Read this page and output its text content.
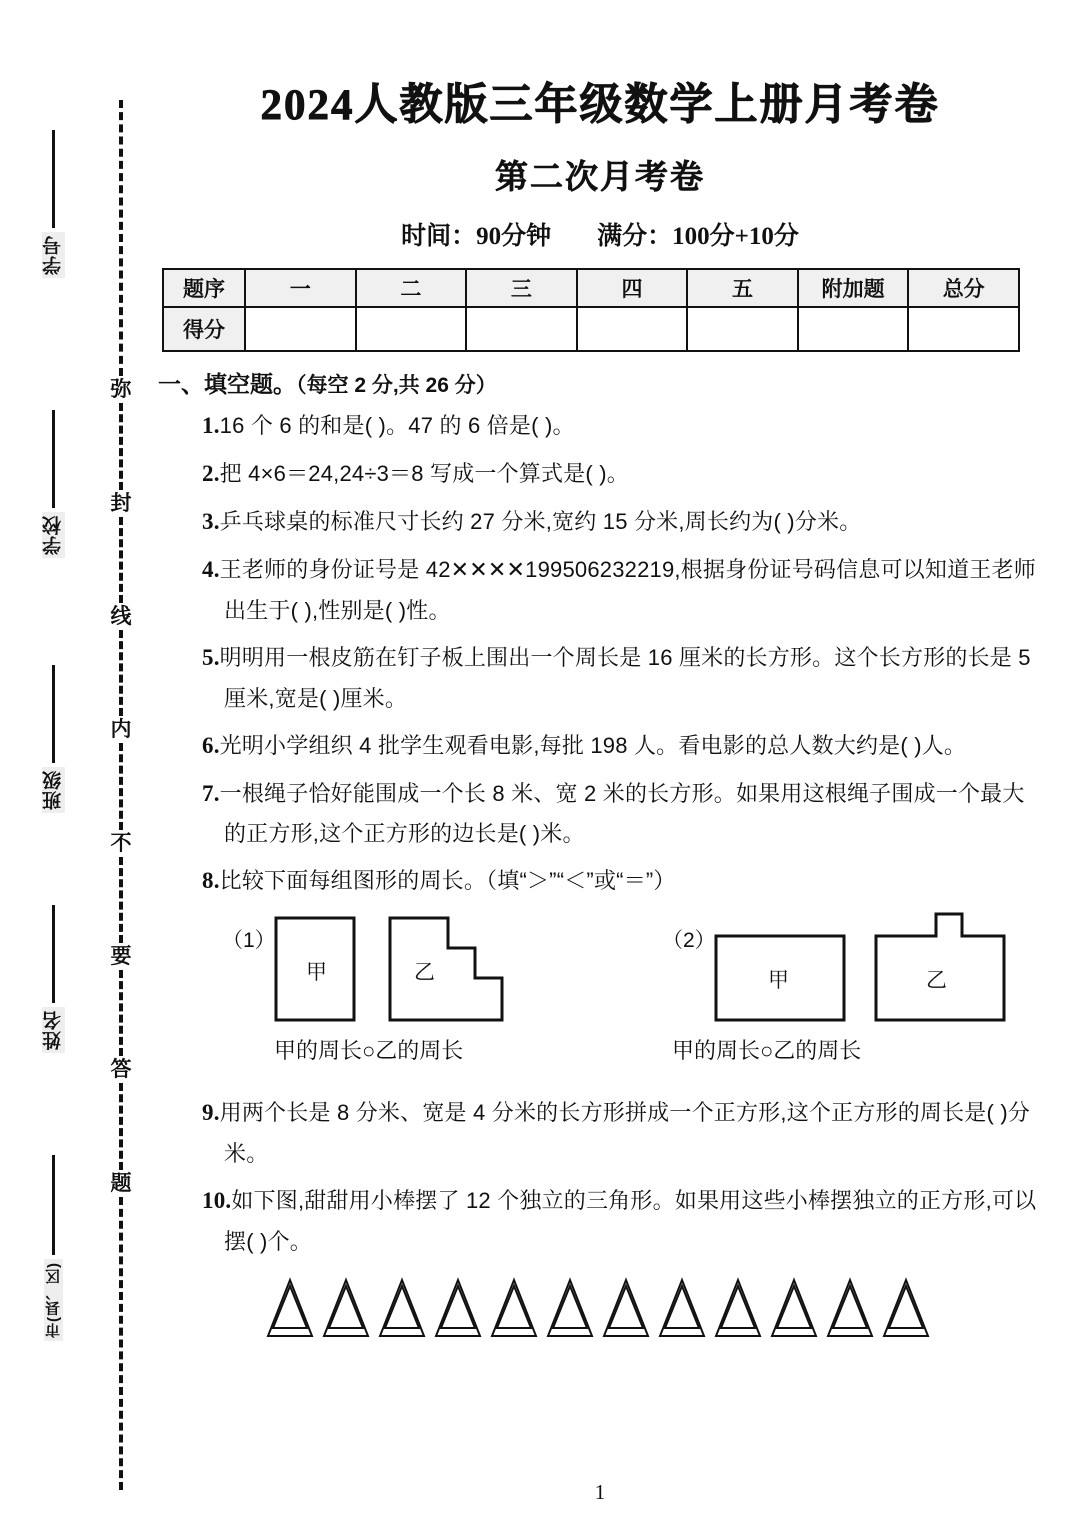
学号
学校
班级
姓名
市(县、区)
弥
封
线
内
不
要
答
题
2024人教版三年级数学上册月考卷
第二次月考卷
时间：90分钟 满分：100分+10分
题序	一	二	三	四	五	附加题	总分
得分							
一、填空题。（每空 2 分,共 26 分）
1.16 个 6 的和是( )。47 的 6 倍是( )。
2.把 4×6＝24,24÷3＝8 写成一个算式是( )。
3.乒乓球桌的标准尺寸长约 27 分米,宽约 15 分米,周长约为( )分米。
4.王老师的身份证号是 42✕✕✕✕199506232219,根据身份证号码信息可以知道王老师出生于( ),性别是( )性。
5.明明用一根皮筋在钉子板上围出一个周长是 16 厘米的长方形。这个长方形的长是 5 厘米,宽是( )厘米。
6.光明小学组织 4 批学生观看电影,每批 198 人。看电影的总人数大约是( )人。
7.一根绳子恰好能围成一个长 8 米、宽 2 米的长方形。如果用这根绳子围成一个最大的正方形,这个正方形的边长是( )米。
8.比较下面每组图形的周长。（填“＞”“＜”或“＝”）
（1）
甲	乙
甲的周长○乙的周长
（2）
甲	乙
甲的周长○乙的周长
9.用两个长是 8 分米、宽是 4 分米的长方形拼成一个正方形,这个正方形的周长是( )分米。
10.如下图,甜甜用小棒摆了 12 个独立的三角形。如果用这些小棒摆独立的正方形,可以摆( )个。
1
